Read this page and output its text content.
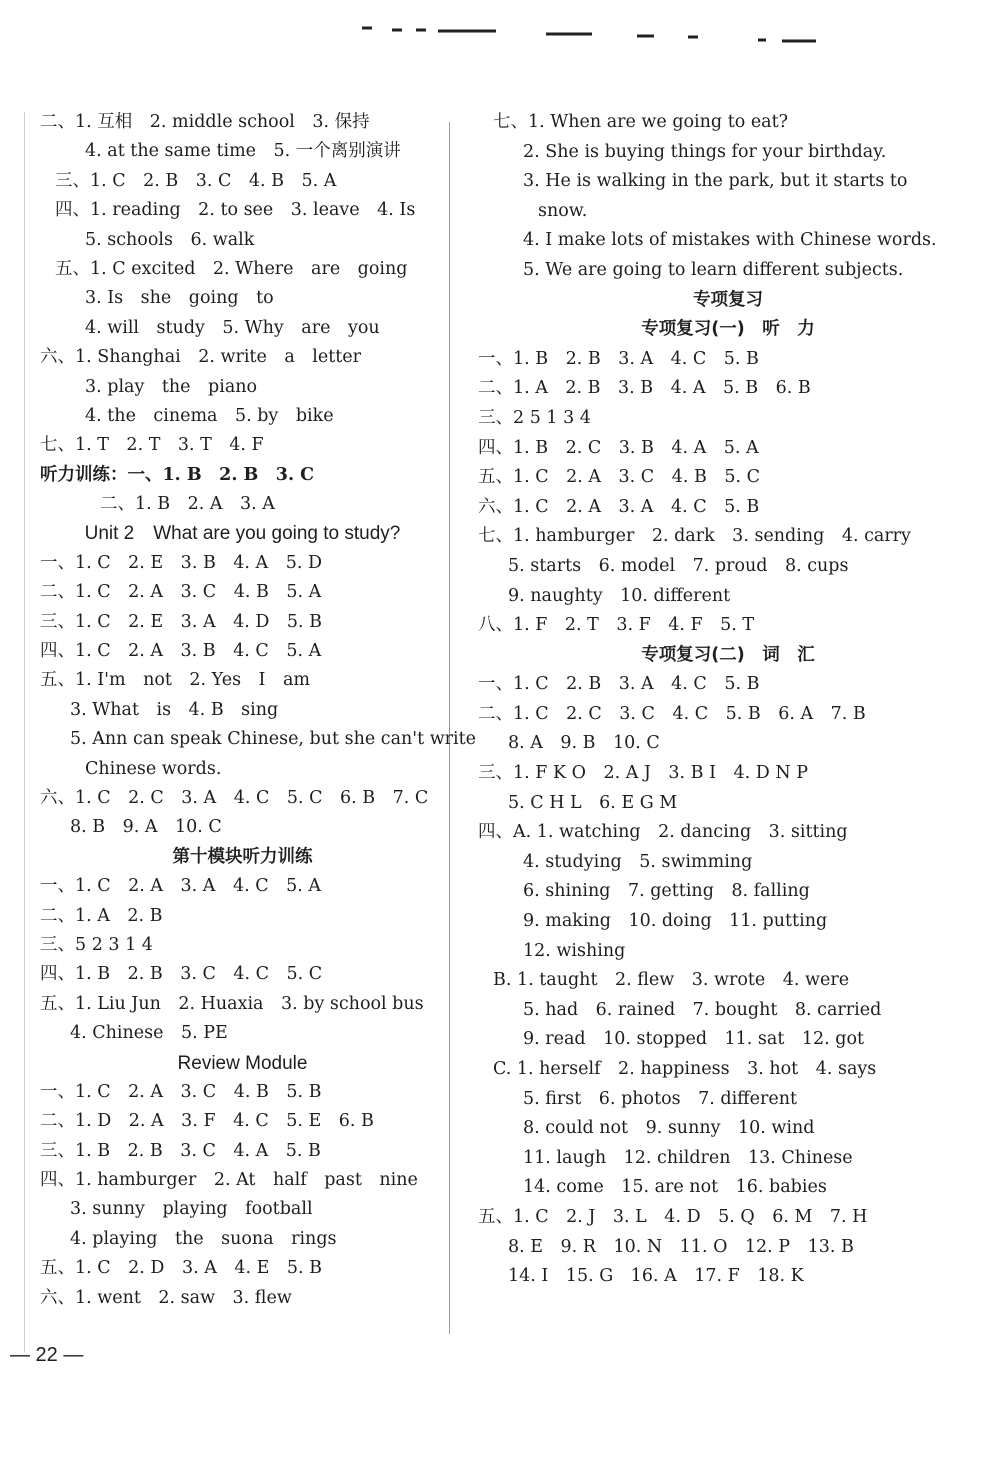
二、1. 互相　2. middle school　3. 保持
4. at the same time　5. 一个离别演讲
三、1. C　2. B　3. C　4. B　5. A
四、1. reading　2. to see　3. leave　4. Is
5. schools　6. walk
五、1. C excited　2. Where　are　going
3. Is　she　going　to
4. will　study　5. Why　are　you
六、1. Shanghai　2. write　a　letter
3. play　the　piano
4. the　cinema　5. by　bike
七、1. T　2. T　3. T　4. F
听力训练：一、1. B　2. B　3. C
二、1. B　2. A　3. A
Unit 2　What are you going to study?
一、1. C　2. E　3. B　4. A　5. D
二、1. C　2. A　3. C　4. B　5. A
三、1. C　2. E　3. A　4. D　5. B
四、1. C　2. A　3. B　4. C　5. A
五、1. I'm　not　2. Yes　I　am
3. What　is　4. B　sing
5. Ann can speak Chinese, but she can't write
Chinese words.
六、1. C　2. C　3. A　4. C　5. C　6. B　7. C
8. B　9. A　10. C
第十模块听力训练
一、1. C　2. A　3. A　4. C　5. A
二、1. A　2. B
三、5 2 3 1 4
四、1. B　2. B　3. C　4. C　5. C
五、1. Liu Jun　2. Huaxia　3. by school bus
4. Chinese　5. PE
Review Module
一、1. C　2. A　3. C　4. B　5. B
二、1. D　2. A　3. F　4. C　5. E　6. B
三、1. B　2. B　3. C　4. A　5. B
四、1. hamburger　2. At　half　past　nine
3. sunny　playing　football
4. playing　the　suona　rings
五、1. C　2. D　3. A　4. E　5. B
六、1. went　2. saw　3. flew
七、1. When are we going to eat?
2. She is buying things for your birthday.
3. He is walking in the park, but it starts to
snow.
4. I make lots of mistakes with Chinese words.
5. We are going to learn different subjects.
专项复习
专项复习(一)　听　力
一、1. B　2. B　3. A　4. C　5. B
二、1. A　2. B　3. B　4. A　5. B　6. B
三、2 5 1 3 4
四、1. B　2. C　3. B　4. A　5. A
五、1. C　2. A　3. C　4. B　5. C
六、1. C　2. A　3. A　4. C　5. B
七、1. hamburger　2. dark　3. sending　4. carry
5. starts　6. model　7. proud　8. cups
9. naughty　10. different
八、1. F　2. T　3. F　4. F　5. T
专项复习(二)　词　汇
一、1. C　2. B　3. A　4. C　5. B
二、1. C　2. C　3. C　4. C　5. B　6. A　7. B
8. A　9. B　10. C
三、1. F K O　2. A J　3. B I　4. D N P
5. C H L　6. E G M
四、A. 1. watching　2. dancing　3. sitting
4. studying　5. swimming
6. shining　7. getting　8. falling
9. making　10. doing　11. putting
12. wishing
B. 1. taught　2. flew　3. wrote　4. were
5. had　6. rained　7. bought　8. carried
9. read　10. stopped　11. sat　12. got
C. 1. herself　2. happiness　3. hot　4. says
5. first　6. photos　7. different
8. could not　9. sunny　10. wind
11. laugh　12. children　13. Chinese
14. come　15. are not　16. babies
五、1. C　2. J　3. L　4. D　5. Q　6. M　7. H
8. E　9. R　10. N　11. O　12. P　13. B
14. I　15. G　16. A　17. F　18. K
— 22 —
